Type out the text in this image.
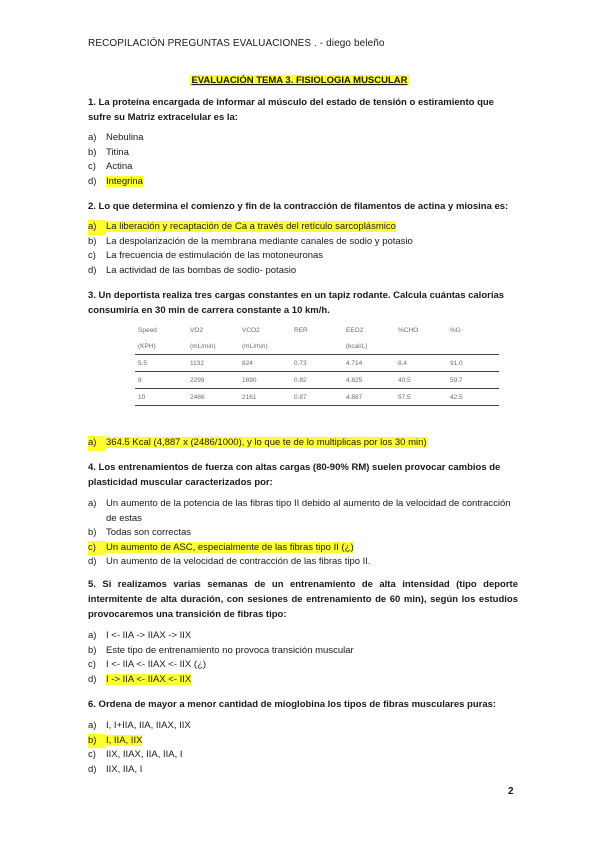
RECOPILACIÓN PREGUNTAS EVALUACIONES . - diego beleño
EVALUACIÓN TEMA 3. FISIOLOGIA MUSCULAR
1. La proteína encargada de informar al músculo del estado de tensión o estiramiento que sufre su Matriz extracelular es la:
a)	Nebulina
b)	Titina
c)	Actina
d)	Integrina
2. Lo que determina el comienzo y fin de la contracción de filamentos de actina y miosina es:
a)	La liberación y recaptación de Ca a través del retículo sarcoplásmico
b)	La despolarización de la membrana mediante canales de sodio y potasio
c)	La frecuencia de estimulación de las motoneuronas
d)	La actividad de las bombas de sodio- potasio
3. Un deportista realiza tres cargas constantes en un tapiz rodante. Calcula cuántas calorías consumiría en 30 min de carrera constante a 10 km/h.
Speed	VO2	VCO2	RER	EEO2	%CHO	%G
(KPH)	(mL/min)	(mL/min)		(kcal/L)		
5.5	1132	824	0.73	4.714	8.4	91.0
8	2299	1890	0.82	4.825	40.5	59.7
10	2486	2161	0.87	4.887	57.5	42.5
a)	364.5 Kcal (4,887 x (2486/1000), y lo que te de lo multiplicas por los 30 min)
4. Los entrenamientos de fuerza con altas cargas (80-90% RM) suelen provocar cambios de plasticidad muscular caracterizados por:
a)	Un aumento de la potencia de las fibras tipo II debido al aumento de la velocidad de contracción de estas
b)	Todas son correctas
c)	Un aumento de ASC, especialmente de las fibras tipo II (¿)
d)	Un aumento de la velocidad de contracción de las fibras tipo II.
5. Si realizamos varias semanas de un entrenamiento de alta intensidad (tipo deporte intermitente de alta duración, con sesiones de entrenamiento de 60 min), según los estudios provocaremos una transición de fibras tipo:
a)	I <- IIA -> IIAX -> IIX
b)	Este tipo de entrenamiento no provoca transición muscular
c)	I <- IIA <- IIAX <- IIX (¿)
d)	I -> IIA <- IIAX <- IIX
6. Ordena de mayor a menor cantidad de mioglobina los tipos de fibras musculares puras:
a)	I, I+IIA, IIA, IIAX, IIX
b)	I, IIA, IIX
c)	IIX, IIAX, IIA, IIA, I
d)	IIX, IIA, I
2
